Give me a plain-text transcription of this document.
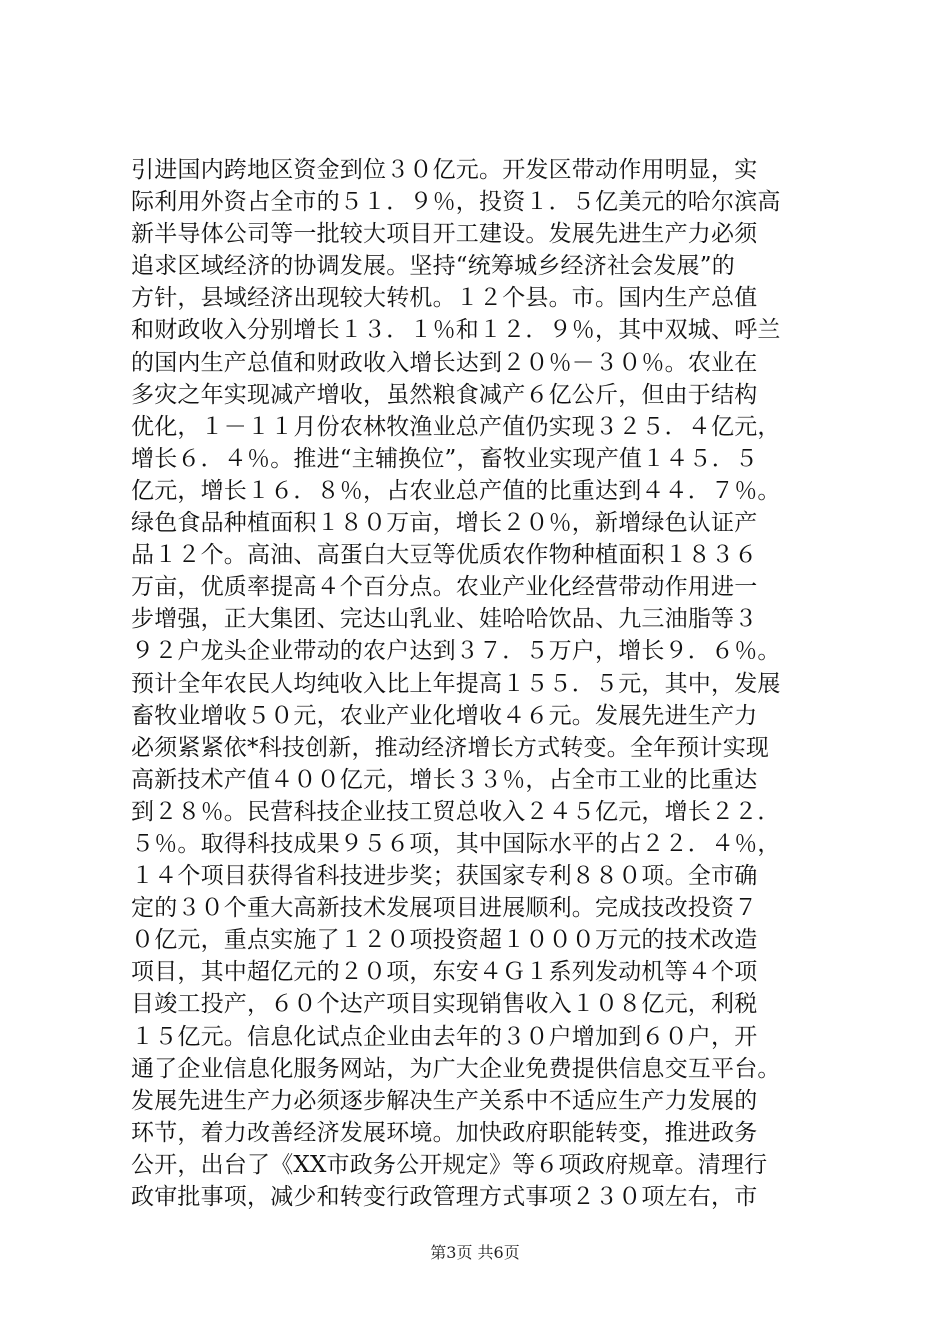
引进国内跨地区资金到位３０亿元。开发区带动作用明显，实
际利用外资占全市的５１．９％，投资１．５亿美元的哈尔滨高
新半导体公司等一批较大项目开工建设。发展先进生产力必须
追求区域经济的协调发展。坚持“统筹城乡经济社会发展”的
方针，县域经济出现较大转机。１２个县。市。国内生产总值
和财政收入分别增长１３．１％和１２．９％，其中双城、呼兰
的国内生产总值和财政收入增长达到２０％－３０％。农业在
多灾之年实现减产增收，虽然粮食减产６亿公斤，但由于结构
优化，１－１１月份农林牧渔业总产值仍实现３２５．４亿元，
增长６．４％。推进“主辅换位”，畜牧业实现产值１４５．５
亿元，增长１６．８％，占农业总产值的比重达到４４．７％。
绿色食品种植面积１８０万亩，增长２０％，新增绿色认证产
品１２个。高油、高蛋白大豆等优质农作物种植面积１８３６
万亩，优质率提高４个百分点。农业产业化经营带动作用进一
步增强，正大集团、完达山乳业、娃哈哈饮品、九三油脂等３
９２户龙头企业带动的农户达到３７．５万户，增长９．６％。
预计全年农民人均纯收入比上年提高１５５．５元，其中，发展
畜牧业增收５０元，农业产业化增收４６元。发展先进生产力
必须紧紧依*科技创新，推动经济增长方式转变。全年预计实现
高新技术产值４００亿元，增长３３％，占全市工业的比重达
到２８％。民营科技企业技工贸总收入２４５亿元，增长２２．
５％。取得科技成果９５６项，其中国际水平的占２２．４％，
１４个项目获得省科技进步奖；获国家专利８８０项。全市确
定的３０个重大高新技术发展项目进展顺利。完成技改投资７
０亿元，重点实施了１２０项投资超１０００万元的技术改造
项目，其中超亿元的２０项，东安４Ｇ１系列发动机等４个项
目竣工投产，６０个达产项目实现销售收入１０８亿元，利税
１５亿元。信息化试点企业由去年的３０户增加到６０户，开
通了企业信息化服务网站，为广大企业免费提供信息交互平台。
发展先进生产力必须逐步解决生产关系中不适应生产力发展的
环节，着力改善经济发展环境。加快政府职能转变，推进政务
公开，出台了《XX市政务公开规定》等６项政府规章。清理行
政审批事项，减少和转变行政管理方式事项２３０项左右，市
第3页 共6页
